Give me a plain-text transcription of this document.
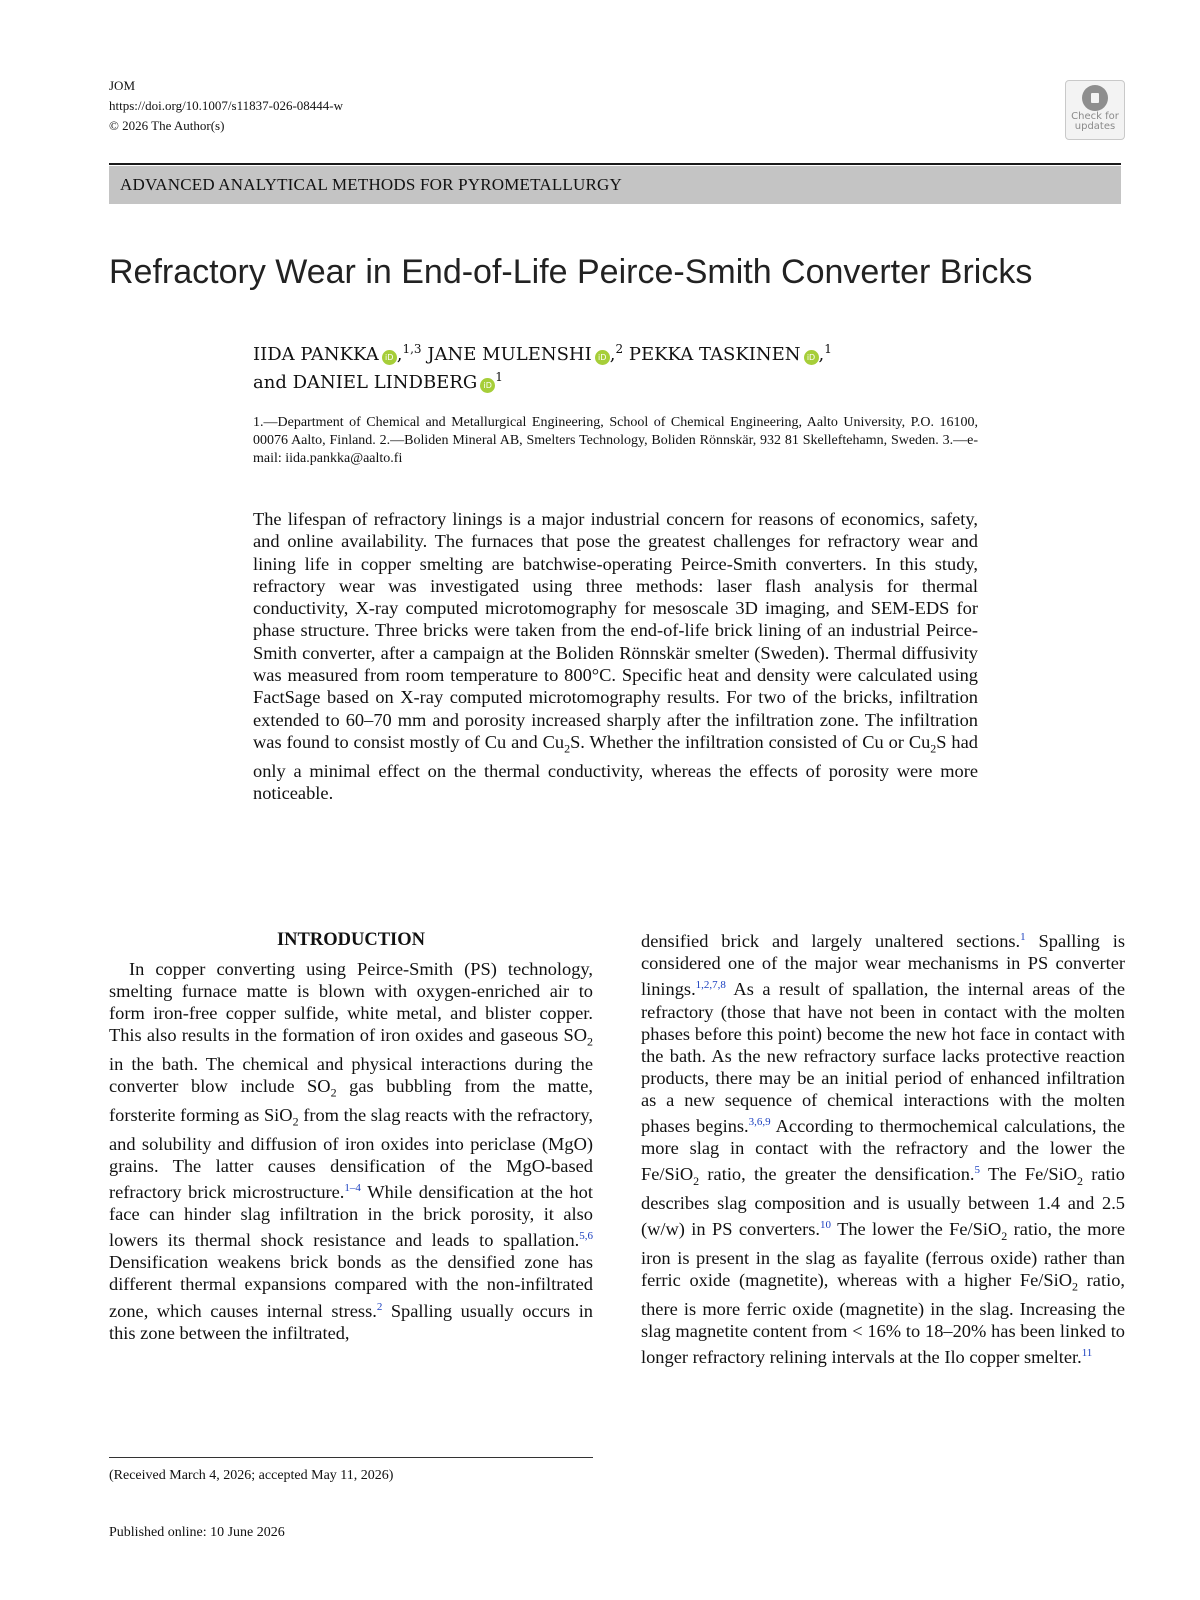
JOM
https://doi.org/10.1007/s11837-026-08444-w
© 2026 The Author(s)
Check for
updates
ADVANCED ANALYTICAL METHODS FOR PYROMETALLURGY
Refractory Wear in End-of-Life Peirce-Smith Converter Bricks
IIDA PANKKA iD ,$^{1,3}$ JANE MULENSHI iD ,$^2$ PEKKA TASKINEN iD ,$^1$
and DANIEL LINDBERG $iD^1$
1.—Department of Chemical and Metallurgical Engineering, School of Chemical Engineering, Aalto University, P.O. 16100, 00076 Aalto, Finland. 2.—Boliden Mineral AB, Smelters Technology, Boliden Rönnskär, 932 81 Skelleftehamn, Sweden. 3.—e-mail: iida.pankka@aalto.fi
The lifespan of refractory linings is a major industrial concern for reasons of economics, safety, and online availability. The furnaces that pose the greatest challenges for refractory wear and lining life in copper smelting are batchwise-operating Peirce-Smith converters. In this study, refractory wear was investigated using three methods: laser flash analysis for thermal conductivity, X-ray computed microtomography for mesoscale 3D imaging, and SEM-EDS for phase structure. Three bricks were taken from the end-of-life brick lining of an industrial Peirce-Smith converter, after a campaign at the Boliden Rönnskär smelter (Sweden). Thermal diffusivity was measured from room temperature to 800°C. Specific heat and density were calculated using FactSage based on X-ray computed microtomography results. For two of the bricks, infiltration extended to 60–70 mm and porosity increased sharply after the infiltration zone. The infiltration was found to consist mostly of Cu and $Cu_2S$. Whether the infiltration consisted of Cu or $Cu_2S$ had only a minimal effect on the thermal conductivity, whereas the effects of porosity were more noticeable.
INTRODUCTION

In copper converting using Peirce-Smith (PS) technology, smelting furnace matte is blown with oxygen-enriched air to form iron-free copper sulfide, white metal, and blister copper. This also results in the formation of iron oxides and gaseous $SO_2$ in the bath. The chemical and physical interactions during the converter blow include $SO_2$ gas bubbling from the matte, forsterite forming as SiO$_2$ from the slag reacts with the refractory, and solubility and diffusion of iron oxides into periclase (MgO) grains. The latter causes densification of the MgO-based refractory brick microstructure.$^{1-4}$ While densification at the hot face can hinder slag infiltration in the brick porosity, it also lowers its thermal shock resistance and leads to spallation.$^{5,6}$ Densification weakens brick bonds as the densified zone has different thermal expansions compared with the non-infiltrated zone, which causes internal stress.$^2$ Spalling usually occurs in this zone between the infiltrated,

densified brick and largely unaltered sections.$^1$ Spalling is considered one of the major wear mechanisms in PS converter linings.$^{1,2,7,8}$ As a result of spallation, the internal areas of the refractory (those that have not been in contact with the molten phases before this point) become the new hot face in contact with the bath. As the new refractory surface lacks protective reaction products, there may be an initial period of enhanced infiltration as a new sequence of chemical interactions with the molten phases begins.$^{3,6,9}$ According to thermochemical calculations, the more slag in contact with the refractory and the lower the Fe/SiO$_2$ ratio, the greater the densification.$^5$ The Fe/SiO$_2$ ratio describes slag composition and is usually between 1.4 and 2.5 (w/w) in PS converters.$^{10}$ The lower the Fe/SiO$_2$ ratio, the more iron is present in the slag as fayalite (ferrous oxide) rather than ferric oxide (magnetite), whereas with a higher Fe/SiO$_2$ ratio, there is more ferric oxide (magnetite) in the slag. Increasing the slag magnetite content from < 16% to 18–20% has been linked to longer refractory relining intervals at the Ilo copper smelter.$^{11}$

(Received March 4, 2026; accepted May 11, 2026)
Published online: 10 June 2026
